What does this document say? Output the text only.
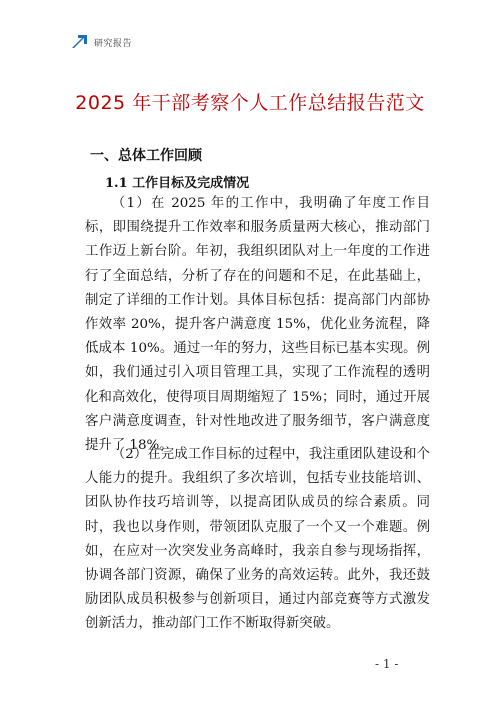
研究报告
2025 年干部考察个人工作总结报告范文
一、总体工作回顾
1.1 工作目标及完成情况

（1）在 2025 年的工作中，我明确了年度工作目标，即围绕提升工作效率和服务质量两大核心，推动部门工作迈上新台阶。年初，我组织团队对上一年度的工作进行了全面总结，分析了存在的问题和不足，在此基础上，制定了详细的工作计划。具体目标包括：提高部门内部协作效率 20%，提升客户满意度 15%，优化业务流程，降低成本 10%。通过一年的努力，这些目标已基本实现。例如，我们通过引入项目管理工具，实现了工作流程的透明化和高效化，使得项目周期缩短了 15%；同时，通过开展客户满意度调查，针对性地改进了服务细节，客户满意度提升了 18%。

（2）在完成工作目标的过程中，我注重团队建设和个人能力的提升。我组织了多次培训，包括专业技能培训、团队协作技巧培训等，以提高团队成员的综合素质。同时，我也以身作则，带领团队克服了一个又一个难题。例如，在应对一次突发业务高峰时，我亲自参与现场指挥，协调各部门资源，确保了业务的高效运转。此外，我还鼓励团队成员积极参与创新项目，通过内部竞赛等方式激发创新活力，推动部门工作不断取得新突破。

- 1 -
